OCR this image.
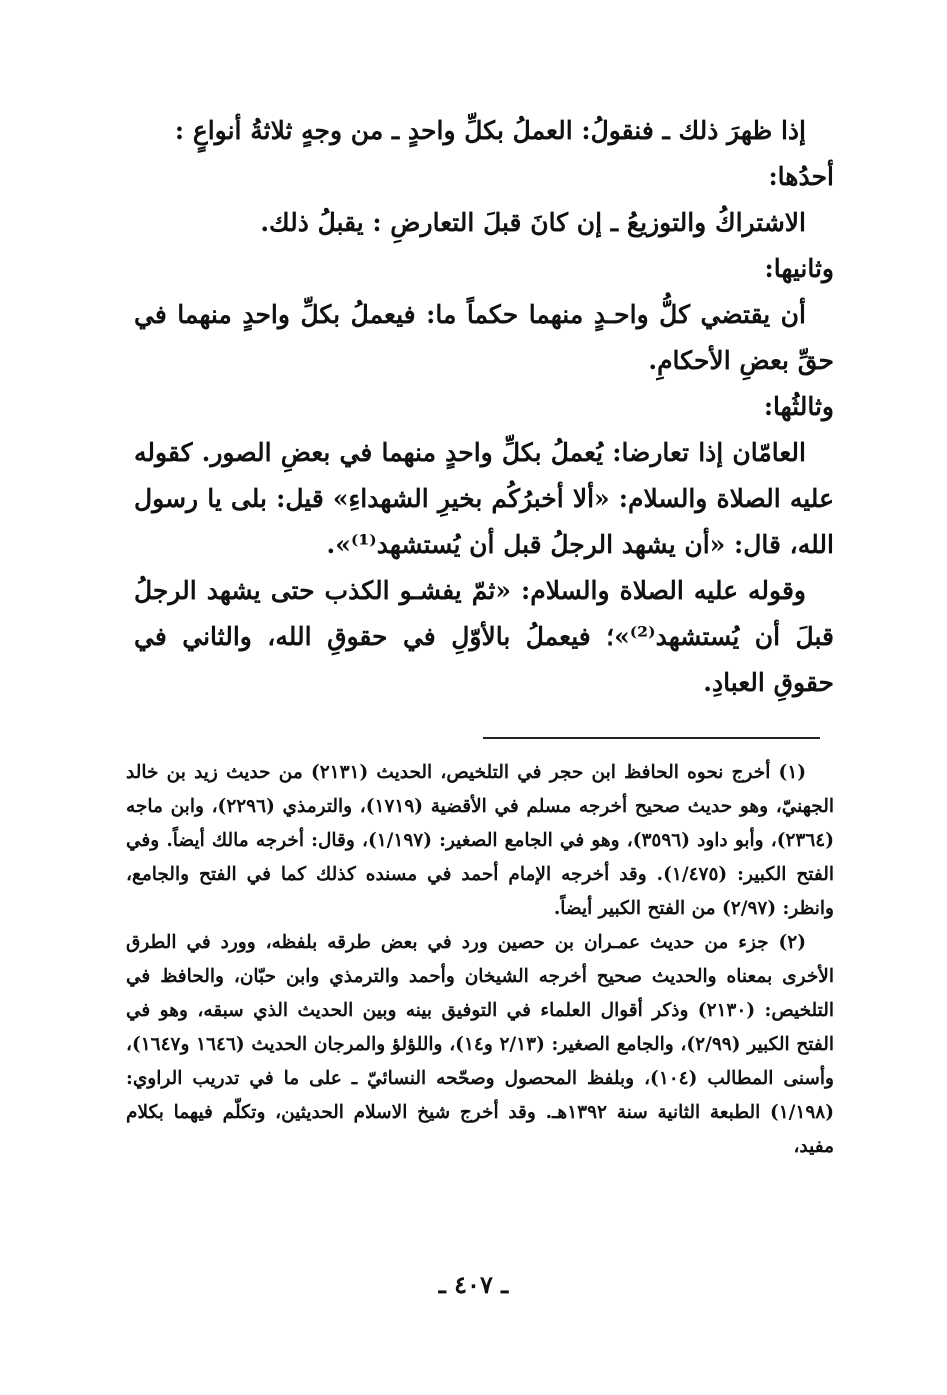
إذا ظهرَ ذلك ـ فنقولُ: العملُ بكلِّ واحدٍ ـ من وجهٍ ثلاثةُ أنواعٍ :

أحدُها:

الاشتراكُ والتوزيعُ ـ إن كانَ قبلَ التعارضِ : يقبلُ ذلك.

وثانيها:

أن يقتضي كلُّ واحـدٍ منهما حكماً ما: فيعملُ بكلِّ واحدٍ منهما في حقِّ بعضِ الأحكامِ.

وثالثُها:

العامّان إذا تعارضا: يُعملُ بكلِّ واحدٍ منهما في بعضِ الصور. كقوله عليه الصلاة والسلام: «ألا أخبرُكُم بخيرِ الشهداءِ» قيل: بلى يا رسول الله، قال: «أن يشهد الرجلُ قبل أن يُستشهد⁽¹⁾».

وقوله عليه الصلاة والسلام: «ثمّ يفشـو الكذب حتى يشهد الرجلُ قبلَ أن يُستشهد⁽²⁾»؛ فيعملُ بالأوّلِ في حقوقِ الله، والثاني في حقوقِ العبادِ.

(١) أخرج نحوه الحافظ ابن حجر في التلخيص، الحديث (٢١٣١) من حديث زيد بن خالد الجهنيّ، وهو حديث صحيح أخرجه مسلم في الأقضية (١٧١٩)، والترمذي (٢٢٩٦)، وابن ماجه (٢٣٦٤)، وأبو داود (٣٥٩٦)، وهو في الجامع الصغير: (١/١٩٧)، وقال: أخرجه مالك أيضاً. وفي الفتح الكبير: (١/٤٧٥). وقد أخرجه الإمام أحمد في مسنده كذلك كما في الفتح والجامع، وانظر: (٢/٩٧) من الفتح الكبير أيضاً.

(٢) جزء من حديث عمـران بن حصين ورد في بعض طرقه بلفظه، وورد في الطرق الأخرى بمعناه والحديث صحيح أخرجه الشيخان وأحمد والترمذي وابن حبّان، والحافظ في التلخيص: (٢١٣٠) وذكر أقوال العلماء في التوفيق بينه وبين الحديث الذي سبقه، وهو في الفتح الكبير (٢/٩٩)، والجامع الصغير: (٢/١٣ و١٤)، واللؤلؤ والمرجان الحديث (١٦٤٦ و١٦٤٧)، وأسنى المطالب (١٠٤)، وبلفظ المحصول وصحّحه النسائيّ ـ على ما في تدريب الراوي: (١/١٩٨) الطبعة الثانية سنة ١٣٩٢هـ. وقد أخرج شيخ الاسلام الحديثين، وتكلّم فيهما بكلام مفيد،

ـ ٤٠٧ ـ
